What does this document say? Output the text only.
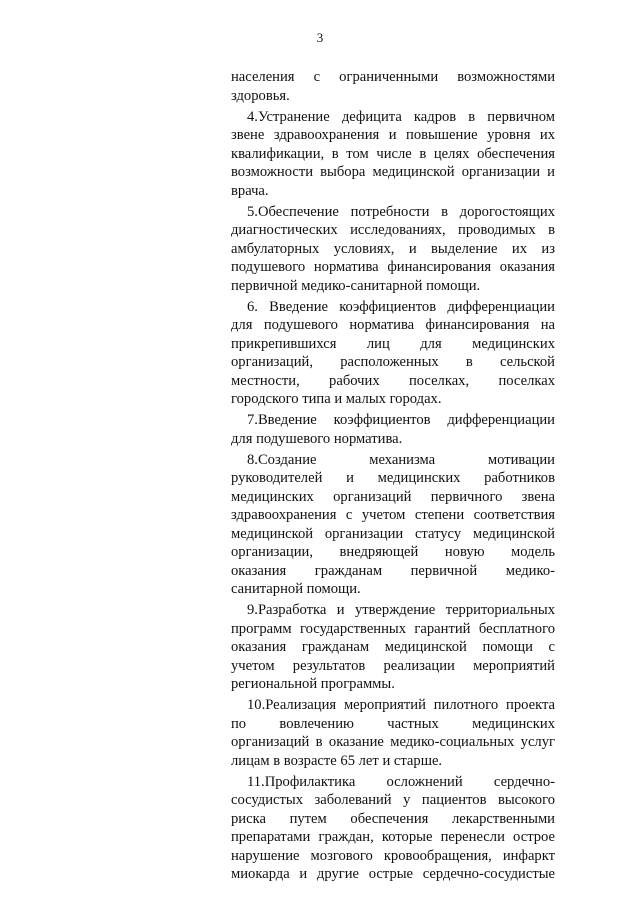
3

населения с ограниченными возможностями
здоровья.

4.Устранение дефицита кадров в первичном
звене здравоохранения и повышение уровня их
квалификации, в том числе в целях обеспечения
возможности выбора медицинской организации и
врача.

5.Обеспечение потребности в дорогостоящих
диагностических исследованиях, проводимых в
амбулаторных условиях, и выделение их из
подушевого норматива финансирования оказания
первичной медико-санитарной помощи.

6. Введение коэффициентов дифференциации
для подушевого норматива финансирования на
прикрепившихся лиц для медицинских
организаций, расположенных в сельской
местности, рабочих поселках, поселках
городского типа и малых городах.

7.Введение коэффициентов дифференциации
для подушевого норматива.

8.Создание механизма мотивации
руководителей и медицинских работников
медицинских организаций первичного звена
здравоохранения с учетом степени соответствия
медицинской организации статусу медицинской
организации, внедряющей новую модель
оказания гражданам первичной медико-
санитарной помощи.

9.Разработка и утверждение территориальных
программ государственных гарантий бесплатного
оказания гражданам медицинской помощи с
учетом результатов реализации мероприятий
региональной программы.

10.Реализация мероприятий пилотного проекта
по вовлечению частных медицинских
организаций в оказание медико-социальных услуг
лицам в возрасте 65 лет и старше.

11.Профилактика осложнений сердечно-
сосудистых заболеваний у пациентов высокого
риска путем обеспечения лекарственными
препаратами граждан, которые перенесли острое
нарушение мозгового кровообращения, инфаркт
миокарда и другие острые сердечно-сосудистые
